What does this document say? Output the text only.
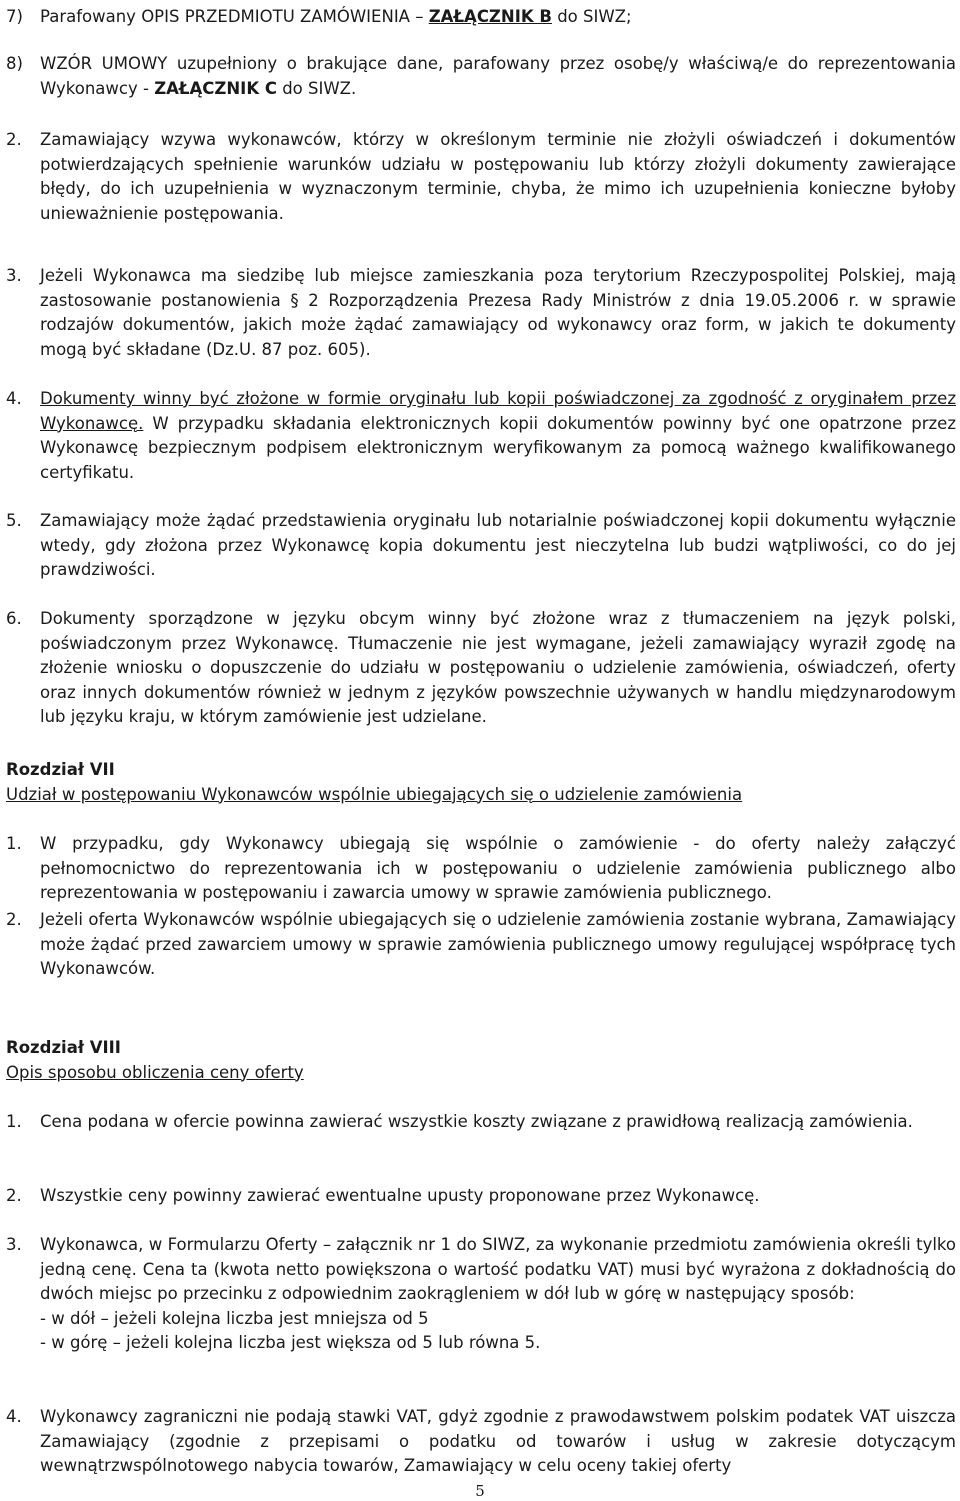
7)	Parafowany OPIS PRZEDMIOTU ZAMÓWIENIA – ZAŁĄCZNIK B do SIWZ;
8)	WZÓR UMOWY uzupełniony o brakujące dane, parafowany przez osobę/y właściwą/e do reprezentowania Wykonawcy - ZAŁĄCZNIK C do SIWZ.
2.	Zamawiający wzywa wykonawców, którzy w określonym terminie nie złożyli oświadczeń i dokumentów potwierdzających spełnienie warunków udziału w postępowaniu lub którzy złożyli dokumenty zawierające błędy, do ich uzupełnienia w wyznaczonym terminie, chyba, że mimo ich uzupełnienia konieczne byłoby unieważnienie postępowania.
3.	Jeżeli Wykonawca ma siedzibę lub miejsce zamieszkania poza terytorium Rzeczypospolitej Polskiej, mają zastosowanie postanowienia § 2 Rozporządzenia Prezesa Rady Ministrów z dnia 19.05.2006 r. w sprawie rodzajów dokumentów, jakich może żądać zamawiający od wykonawcy oraz form, w jakich te dokumenty mogą być składane (Dz.U. 87 poz. 605).
4.	Dokumenty winny być złożone w formie oryginału lub kopii poświadczonej za zgodność z oryginałem przez Wykonawcę. W przypadku składania elektronicznych kopii dokumentów powinny być one opatrzone przez Wykonawcę bezpiecznym podpisem elektronicznym weryfikowanym za pomocą ważnego kwalifikowanego certyfikatu.
5.	Zamawiający może żądać przedstawienia oryginału lub notarialnie poświadczonej kopii dokumentu wyłącznie wtedy, gdy złożona przez Wykonawcę kopia dokumentu jest nieczytelna lub budzi wątpliwości, co do jej prawdziwości.
6.	Dokumenty sporządzone w języku obcym winny być złożone wraz z tłumaczeniem na język polski, poświadczonym przez Wykonawcę. Tłumaczenie nie jest wymagane, jeżeli zamawiający wyraził zgodę na złożenie wniosku o dopuszczenie do udziału w postępowaniu o udzielenie zamówienia, oświadczeń, oferty oraz innych dokumentów również w jednym z języków powszechnie używanych w handlu międzynarodowym lub języku kraju, w którym zamówienie jest udzielane.
Rozdział VII
Udział w postępowaniu Wykonawców wspólnie ubiegających się o udzielenie zamówienia
1.	W przypadku, gdy Wykonawcy ubiegają się wspólnie o zamówienie - do oferty należy załączyć pełnomocnictwo do reprezentowania ich w postępowaniu o udzielenie zamówienia publicznego albo reprezentowania w postępowaniu i zawarcia umowy w sprawie zamówienia publicznego.
2.	Jeżeli oferta Wykonawców wspólnie ubiegających się o udzielenie zamówienia zostanie wybrana, Zamawiający może żądać przed zawarciem umowy w sprawie zamówienia publicznego umowy regulującej współpracę tych Wykonawców.
Rozdział VIII
Opis sposobu obliczenia ceny oferty
1.	Cena podana w ofercie powinna zawierać wszystkie koszty związane z prawidłową realizacją zamówienia.
2.	Wszystkie ceny powinny zawierać ewentualne upusty proponowane przez Wykonawcę.
3.	Wykonawca, w Formularzu Oferty – załącznik nr 1 do SIWZ, za wykonanie przedmiotu zamówienia określi tylko jedną cenę. Cena ta (kwota netto powiększona o wartość podatku VAT) musi być wyrażona z dokładnością do dwóch miejsc po przecinku z odpowiednim zaokrągleniem w dół lub w górę w następujący sposób:
- w dół – jeżeli kolejna liczba jest mniejsza od 5
- w górę – jeżeli kolejna liczba jest większa od 5 lub równa 5.
4.	Wykonawcy zagraniczni nie podają stawki VAT, gdyż zgodnie z prawodawstwem polskim podatek VAT uiszcza Zamawiający (zgodnie z przepisami o podatku od towarów i usług w zakresie dotyczącym wewnątrzwspólnotowego nabycia towarów, Zamawiający w celu oceny takiej oferty
5
